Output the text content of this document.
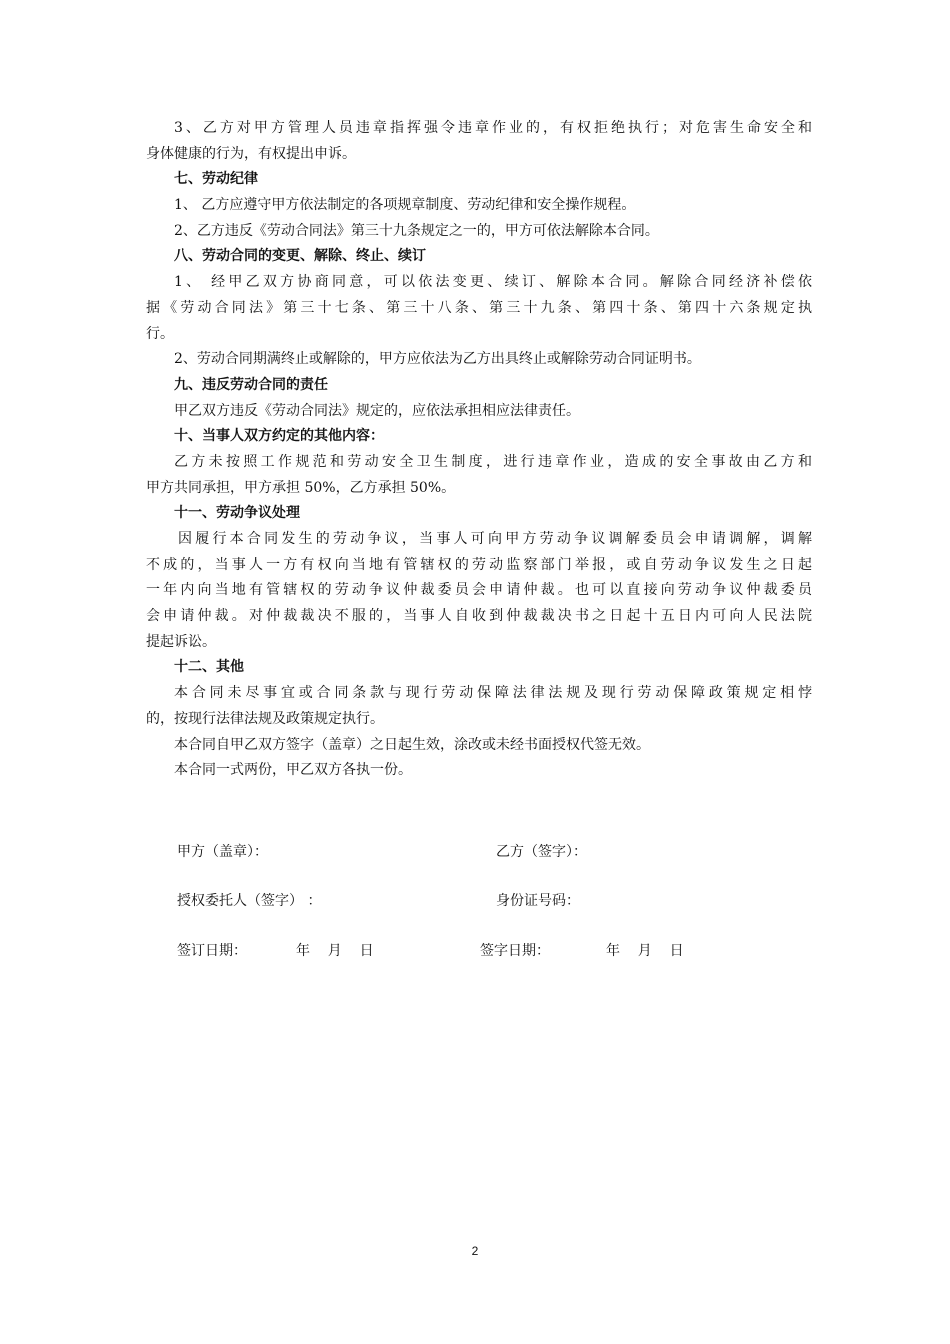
3、乙方对甲方管理人员违章指挥强令违章作业的，有权拒绝执行；对危害生命安全和
身体健康的行为，有权提出申诉。
七、劳动纪律
1、 乙方应遵守甲方依法制定的各项规章制度、劳动纪律和安全操作规程。
2、乙方违反《劳动合同法》第三十九条规定之一的，甲方可依法解除本合同。
八、劳动合同的变更、解除、终止、续订
1、 经甲乙双方协商同意，可以依法变更、续订、解除本合同。解除合同经济补偿依
据《劳动合同法》第三十七条、第三十八条、第三十九条、第四十条、第四十六条规定执
行。
2、劳动合同期满终止或解除的，甲方应依法为乙方出具终止或解除劳动合同证明书。
九、违反劳动合同的责任
甲乙双方违反《劳动合同法》规定的，应依法承担相应法律责任。
十、当事人双方约定的其他内容：
乙方未按照工作规范和劳动安全卫生制度，进行违章作业，造成的安全事故由乙方和
甲方共同承担，甲方承担 50%，乙方承担 50%。
十一、劳动争议处理
因履行本合同发生的劳动争议，当事人可向甲方劳动争议调解委员会申请调解，调解
不成的，当事人一方有权向当地有管辖权的劳动监察部门举报，或自劳动争议发生之日起
一年内向当地有管辖权的劳动争议仲裁委员会申请仲裁。也可以直接向劳动争议仲裁委员
会申请仲裁。对仲裁裁决不服的，当事人自收到仲裁裁决书之日起十五日内可向人民法院
提起诉讼。
十二、其他
本合同未尽事宜或合同条款与现行劳动保障法律法规及现行劳动保障政策规定相悖
的，按现行法律法规及政策规定执行。
本合同自甲乙双方签字（盖章）之日起生效，涂改或未经书面授权代签无效。
本合同一式两份，甲乙双方各执一份。
甲方（盖章）：	乙方（签字）：
授权委托人（签字） ：	身份证号码：
签订日期：	年    月    日	签字日期：	年    月    日
2
